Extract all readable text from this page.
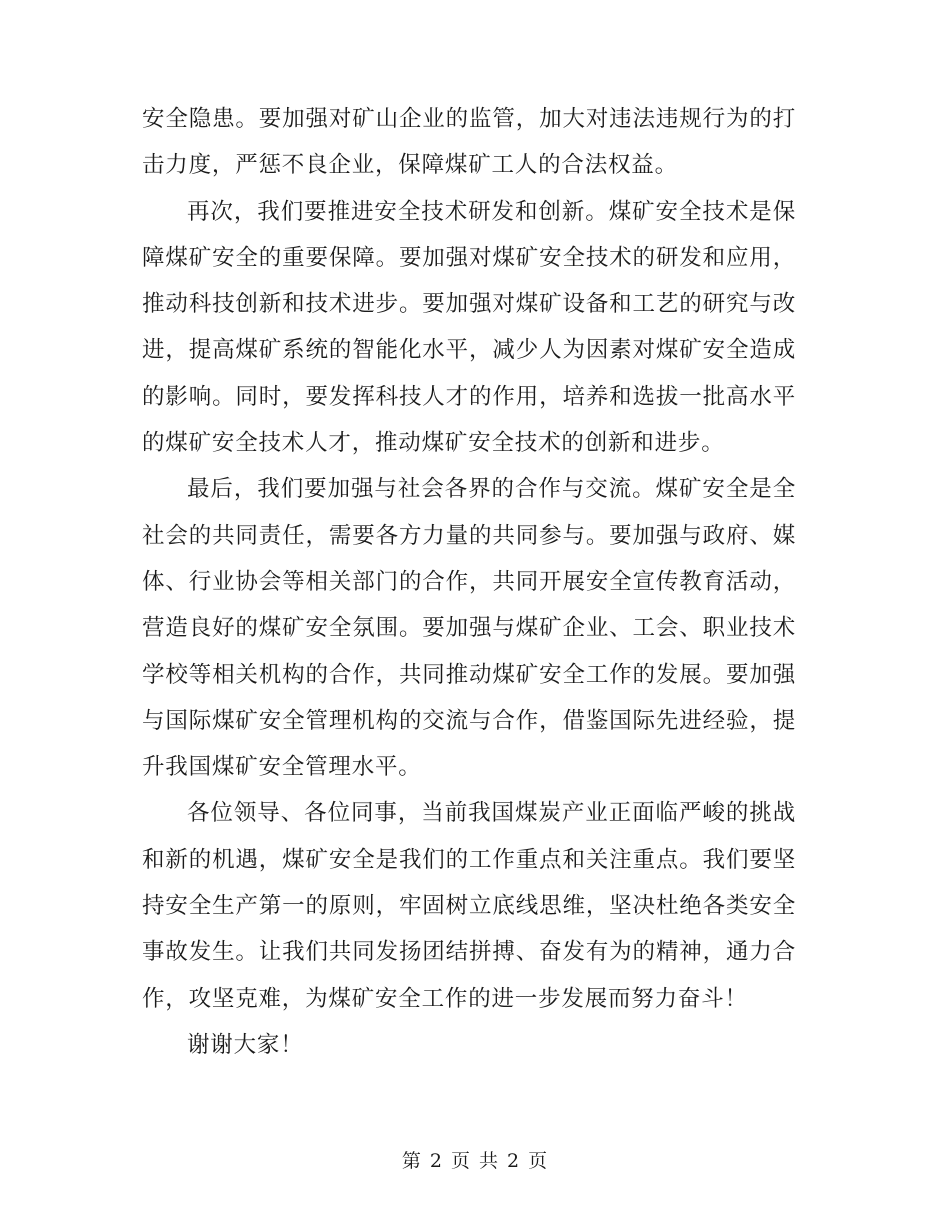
安全隐患。要加强对矿山企业的监管，加大对违法违规行为的打击力度，严惩不良企业，保障煤矿工人的合法权益。

再次，我们要推进安全技术研发和创新。煤矿安全技术是保障煤矿安全的重要保障。要加强对煤矿安全技术的研发和应用，推动科技创新和技术进步。要加强对煤矿设备和工艺的研究与改进，提高煤矿系统的智能化水平，减少人为因素对煤矿安全造成的影响。同时，要发挥科技人才的作用，培养和选拔一批高水平的煤矿安全技术人才，推动煤矿安全技术的创新和进步。

最后，我们要加强与社会各界的合作与交流。煤矿安全是全社会的共同责任，需要各方力量的共同参与。要加强与政府、媒体、行业协会等相关部门的合作，共同开展安全宣传教育活动，营造良好的煤矿安全氛围。要加强与煤矿企业、工会、职业技术学校等相关机构的合作，共同推动煤矿安全工作的发展。要加强与国际煤矿安全管理机构的交流与合作，借鉴国际先进经验，提升我国煤矿安全管理水平。

各位领导、各位同事，当前我国煤炭产业正面临严峻的挑战和新的机遇，煤矿安全是我们的工作重点和关注重点。我们要坚持安全生产第一的原则，牢固树立底线思维，坚决杜绝各类安全事故发生。让我们共同发扬团结拼搏、奋发有为的精神，通力合作，攻坚克难，为煤矿安全工作的进一步发展而努力奋斗！

谢谢大家！

第 2 页 共 2 页
